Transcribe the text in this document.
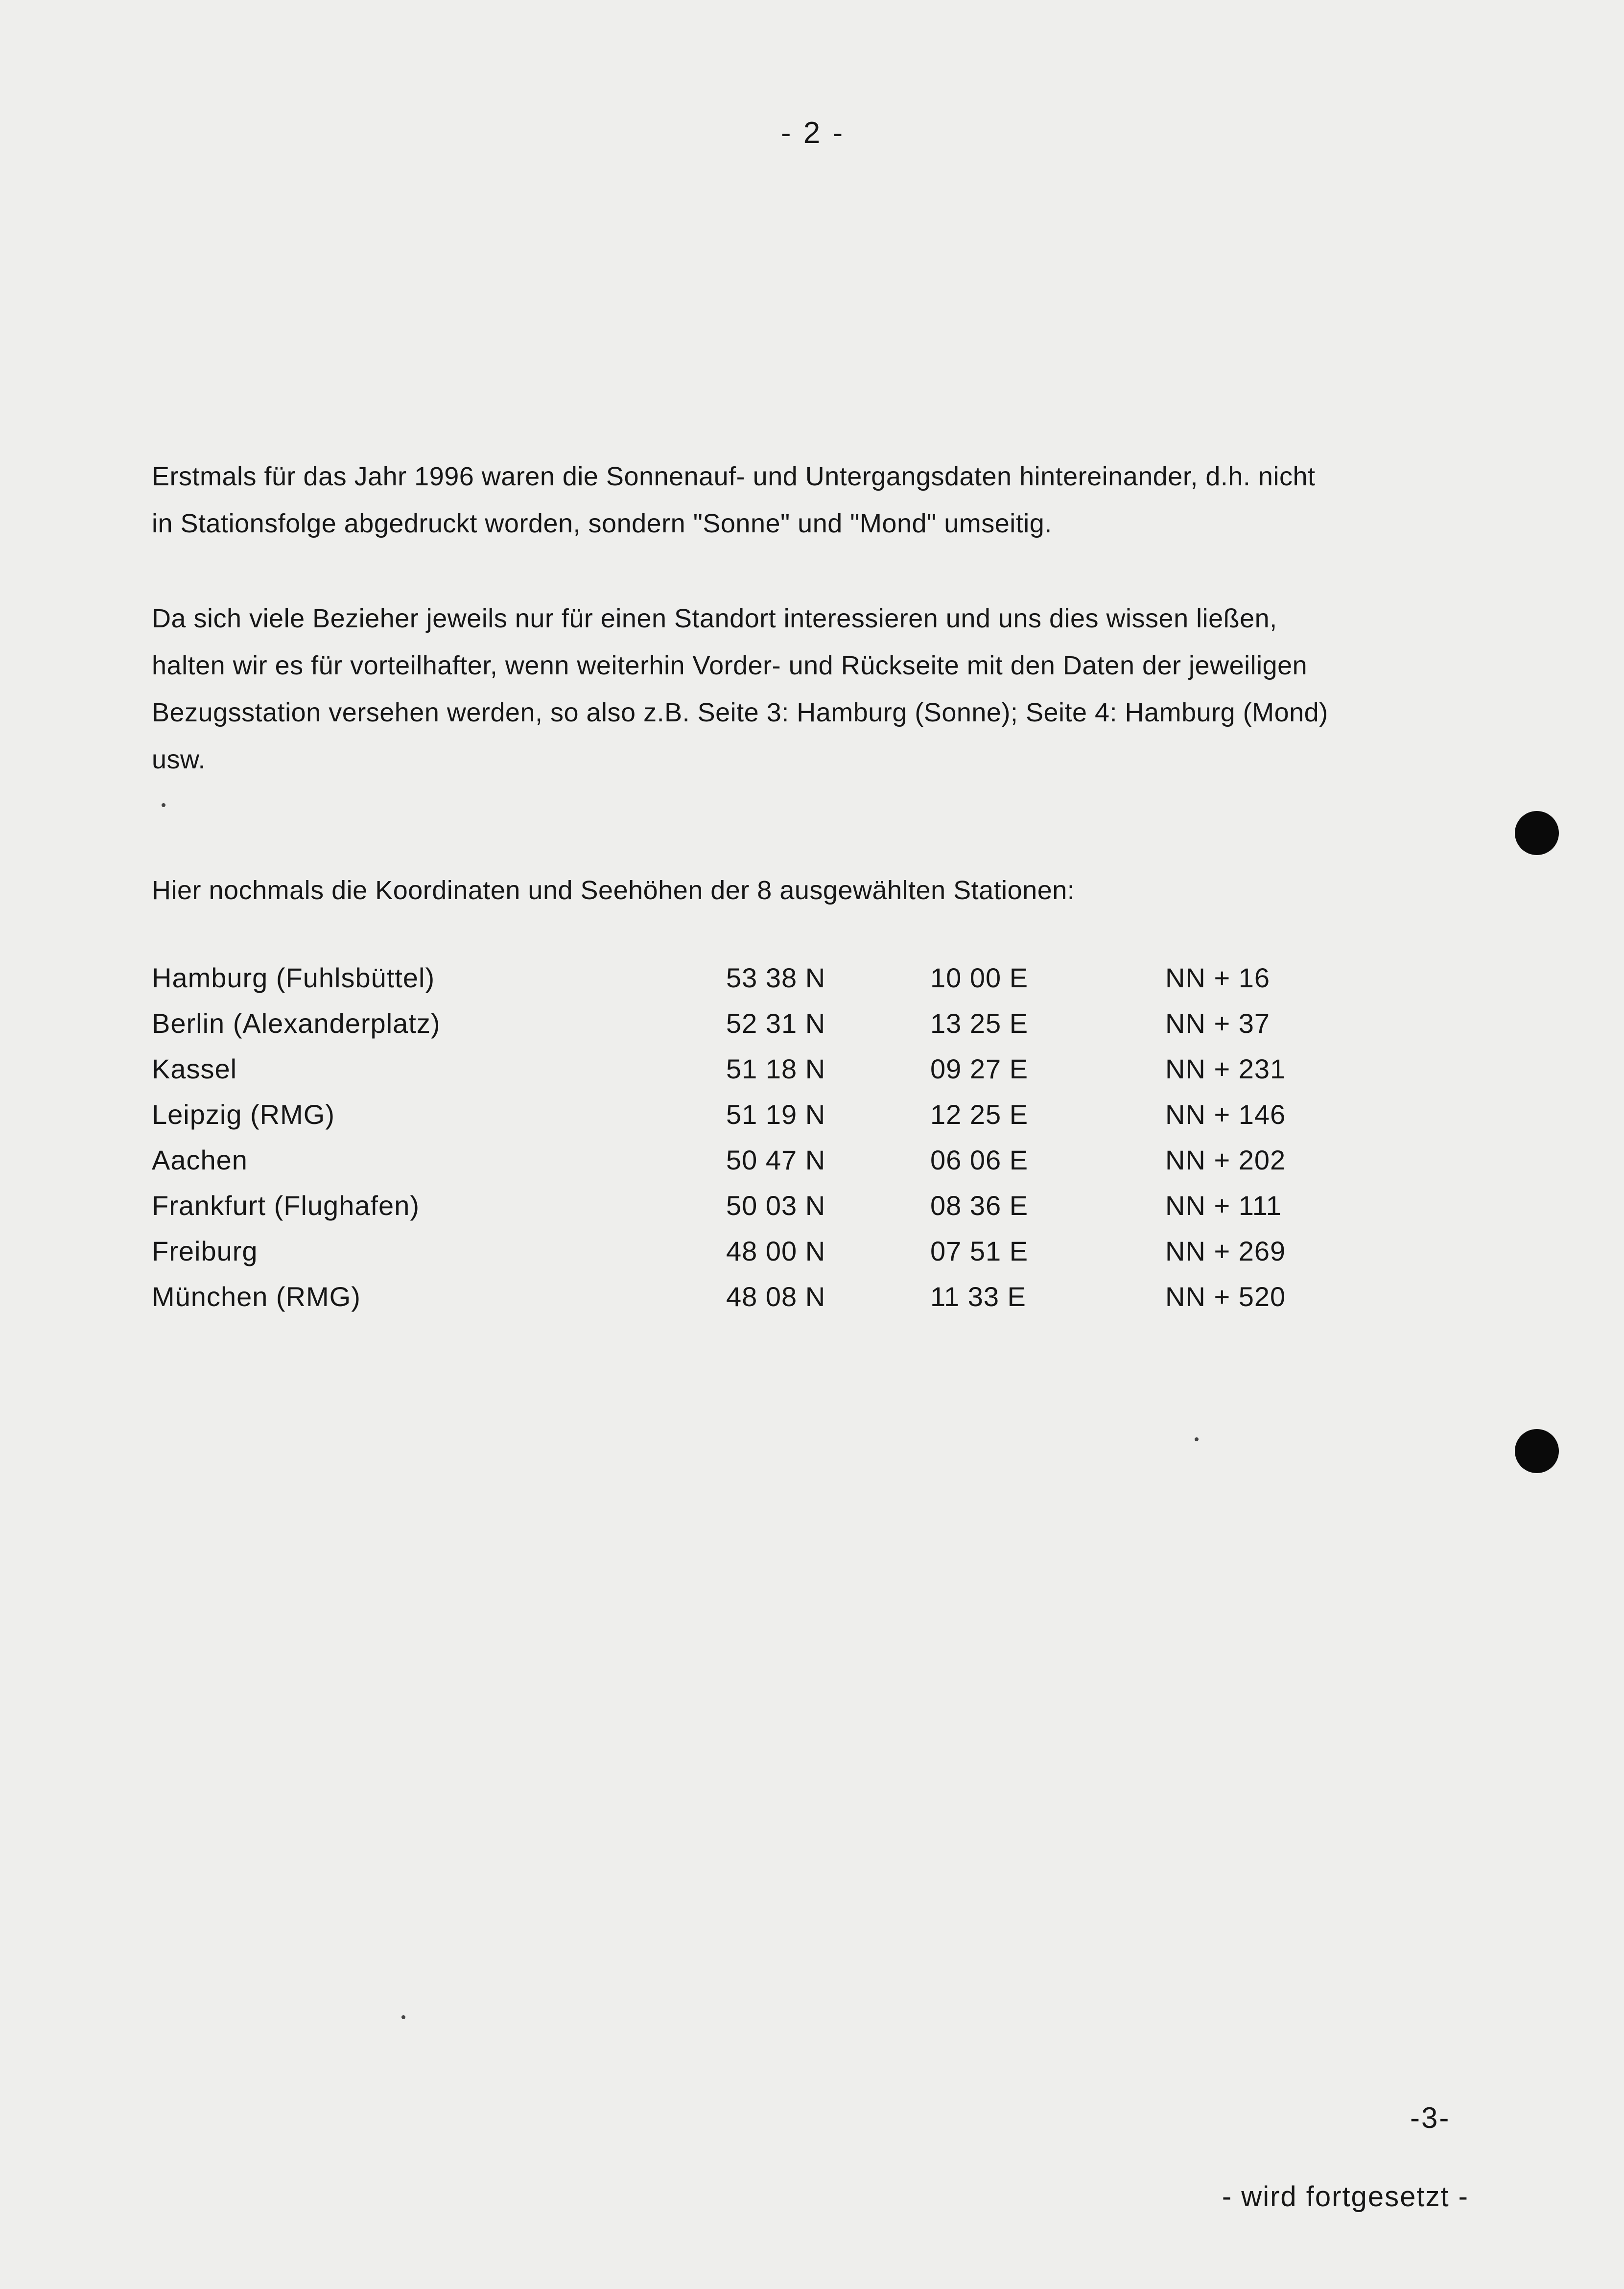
- 2 -
Erstmals für das Jahr 1996 waren die Sonnenauf- und Untergangsdaten hintereinander, d.h. nicht
in Stationsfolge abgedruckt worden, sondern "Sonne" und "Mond" umseitig.
Da sich viele Bezieher jeweils nur für einen Standort interessieren und uns dies wissen ließen,
halten wir es für vorteilhafter, wenn weiterhin Vorder- und Rückseite mit den Daten der jeweiligen
Bezugsstation versehen werden, so also z.B. Seite 3: Hamburg (Sonne); Seite 4: Hamburg (Mond)
usw.
Hier nochmals die Koordinaten und Seehöhen der 8 ausgewählten Stationen:
Hamburg (Fuhlsbüttel)	53 38 N	10 00 E	NN + 16
Berlin (Alexanderplatz)	52 31 N	13 25 E	NN + 37
Kassel	51 18 N	09 27 E	NN + 231
Leipzig (RMG)	51 19 N	12 25 E	NN + 146
Aachen	50 47 N	06 06 E	NN + 202
Frankfurt (Flughafen)	50 03 N	08 36 E	NN + 111
Freiburg	48 00 N	07 51 E	NN + 269
München (RMG)	48 08 N	11 33 E	NN + 520
-3-
- wird fortgesetzt -
